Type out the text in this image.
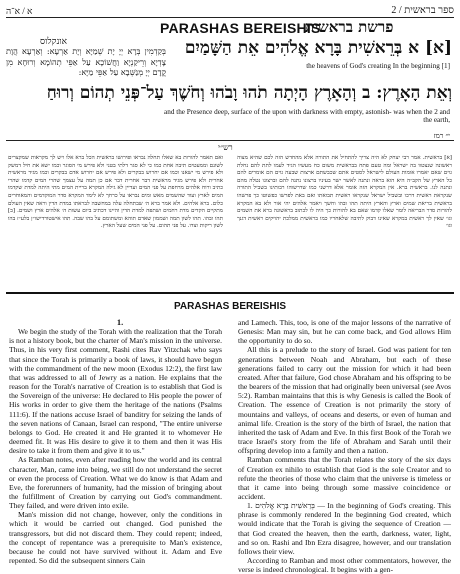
א / א־ה	ספר בראשית / 2
PARASHAS BEREISHIS
פרשת בראשית
אונקלוס
בְּקַדְמִין בְּרָא יְיָ יָת שְׁמַיָּא וְיָת אַרְעָא: וְאַרְעָא הֲוָת צָדְיָא וְרֵיקַנְיָא וַחֲשׁוֹכָא עַל אַפֵּי תְהוֹמָא וְרוּחָא מִן קֳדָם יְיָ מְנַשְּׁבָא עַל אַפֵּי מַיָּא:
[א] א בְּרֵאשִׁית בָּרָא אֱלֹהִים אֵת הַשָּׁמַיִם
the heavens of God's creating In the beginning [1]
וְאֵת הָאָרֶץ: ב וְהָאָרֶץ הָיְתָה תֹהוּ וָבֹהוּ וְחֹשֶׁךְ עַל־פְּנֵי תְהוֹם וְרוּחַ
and the Presence deep, surface of the upon with darkness with empty, astonish- was when the 2 and the earth,
י״ רמז
רש״י
[א] בראשית. אמר רבי יצחק לא היה צריך להתחיל את התורה אלא מהחדש הזה לכם שהיא מצוה ראשונה שנצטוו בה ישראל ומה טעם פתח בבראשית משום כח מעשיו הגיד לעמו לתת להם נחלת גוים שאם יאמרו אומות העולם לישראל לסטים אתם שכבשתם ארצות שבעה גוים הם אומרים להם כל הארץ של הקב״ה היא הוא בראה ונתנה לאשר ישר בעיניו ברצונו נתנה להם וברצונו נטלה מהם ונתנה לנו. בראשית ברא. אין המקרא הזה אומר אלא דרשני כמו שדרשוהו רבותינו בשביל התורה שנקראת ראשית דרכו ובשביל ישראל שנקראו ראשית תבואתו ואם באת לפרשו כפשוטו כך פרשהו בראשית בריאת שמים וארץ והארץ היתה תהו ובהו וחשך ויאמר אלהים יהי אור ולא בא המקרא להורות סדר הבריאה לומר שאלו קדמו שאם בא להורות כך היה לו לכתוב בראשונה ברא את השמים וגו׳ שאין לך ראשית במקרא שאינו דבוק לתיבה שלאחריו כמו בראשית ממלכת יהויקים ראשית דגנך וגו׳
ואם תאמר להורות בא שאלו תחלה נבראו ופירושו בראשית הכל ברא אלו ויש לך מקראות שמקצרים לשונם וממעטים תיבה אחת כמו כי לא סגר דלתי בטני ולא פירש מי הסוגר וכמו ישא את חיל דמשק ולא פירש מי ישאנו וכמו אם יחרוש בבקרים ולא פירש אם יחרוש אדם בבקרים וכמו מגיד מראשית אחרית ולא פירש מגיד מראשית דבר אחרית דבר אם כן תמה על עצמך שהרי המים קדמו שהרי כתיב ורוח אלהים מרחפת על פני המים ועדיין לא גילה המקרא בריית המים מתי היתה למדת שקדמו המים לארץ ועוד שהשמים מאש ומים נבראו על כרחך לא לימד המקרא סדר המוקדמים והמאוחרים כלום. ברא אלהים. ולא אמר ברא ה׳ שבתחלה עלה במחשבה לבראתו במדת הדין וראה שאין העולם מתקיים הקדים מדת רחמים ושתפה למדת הדין והיינו דכתיב ביום עשות ה׳ אלהים ארץ ושמים. [ב] תהו ובהו. תהו לשון תמה ושממון שאדם תוהא ומשתומם על בהו שבה. תהו אישטורדישו״ן בלע״ז בהו לשון ריקות וצדו. על פני תהום. על פני המים שעל הארץ.
PARASHAS BEREISHIS

1.

We begin the study of the Torah with the realization that the Torah is not a history book, but the charter of Man's mission in the universe. Thus, in his very first comment, Rashi cites Rav Yitzchak who says that since the Torah is primarily a book of laws, it should have begun with the commandment of the new moon (Exodus 12:2), the first law that was addressed to all of Jewry as a nation. He explains that the reason for the Torah's narrative of Creation is to establish that God is the Sovereign of the universe: He declared to His people the power of His works in order to give them the heritage of the nations (Psalms 111:6). If the nations accuse Israel of banditry for seizing the lands of the seven nations of Canaan, Israel can respond, "The entire universe belongs to God. He created it and He granted it to whomever He deemed fit. It was His desire to give it to them and then it was His desire to take it from them and give it to us."

As Ramban notes, even after reading how the world and its central character, Man, came into being, we still do not understand the secret or even the process of Creation. What we do know is that Adam and Eve, the forerunners of humanity, had the mission of bringing about the fulfillment of Creation by carrying out God's commandment. They failed, and were driven into exile.

Man's mission did not change, however, only the conditions in which it would be carried out changed. God punished the transgressors, but did not discard them. They could repent; indeed, the concept of repentance was a prerequisite to Man's existence, because he could not have survived without it. Adam and Eve repented. So did the subsequent sinners Cain

and Lamech. This, too, is one of the major lessons of the narrative of Genesis: Man may sin, but he can come back, and God allows Him the opportunity to do so.

All this is a prelude to the story of Israel. God was patient for ten generations between Noah and Abraham, but each of these generations failed to carry out the mission for which it had been created. After that failure, God chose Abraham and his offspring to be the bearers of the mission that had originally been universal (see Avos 5:2). Ramban maintains that this is why Genesis is called the Book of Creation. The essence of Creation is not primarily the story of mountains and valleys, of oceans and deserts, or even of human and animal life. Creation is the story of the birth of Israel, the nation that inherited the task of Adam and Eve. In this first Book of the Torah we trace Israel's story from the life of Abraham and Sarah until their offspring develop into a family and then a nation.

Ramban comments that the Torah relates the story of the six days of Creation ex nihilo to establish that God is the sole Creator and to refute the theories of those who claim that the universe is timeless or that it came into being through some massive coincidence or accident.

1. בְּרֵאשִׁית בָּרָא אֱלֹהִים — In the beginning of God's creating. This phrase is commonly rendered In the beginning God created, which would indicate that the Torah is giving the sequence of Creation — that God created the heaven, then the earth, darkness, water, light, and so on. Rashi and Ibn Ezra disagree, however, and our translation follows their view.

According to Ramban and most other commentators, however, the verse is indeed chronological. It begins with a gen-
